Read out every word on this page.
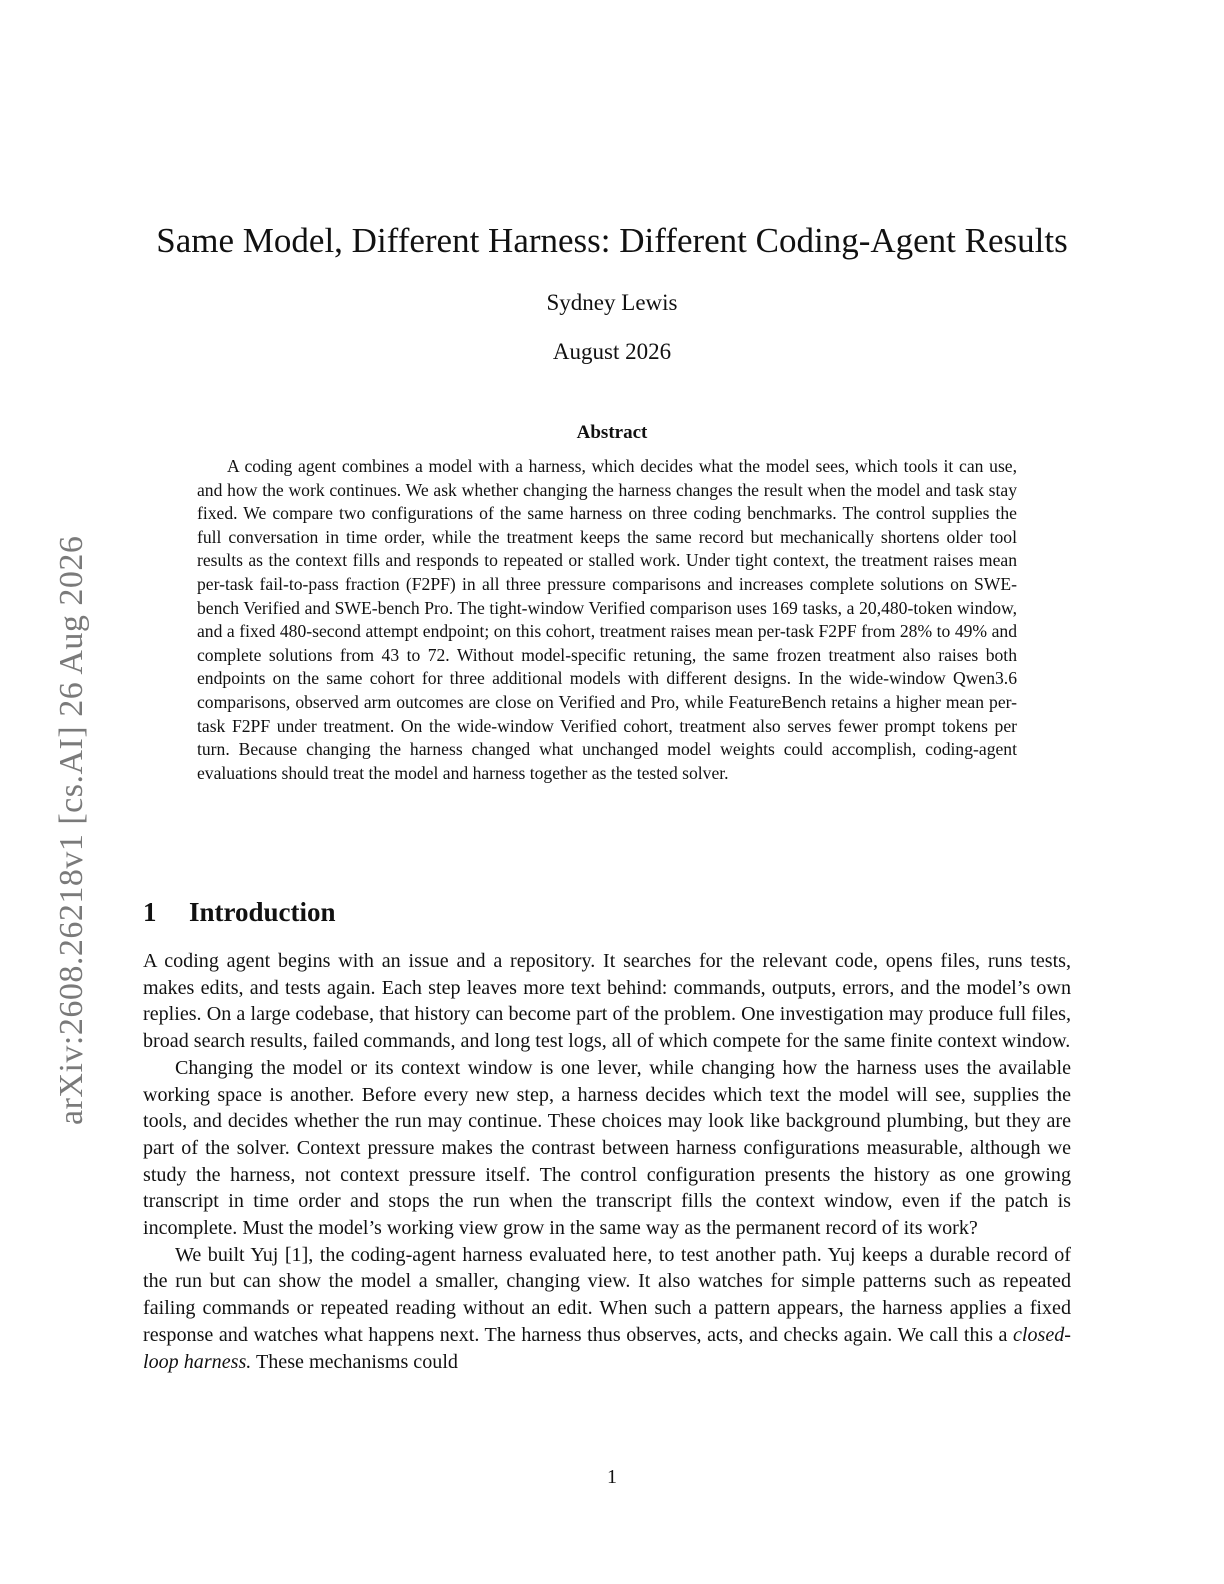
arXiv:2608.26218v1 [cs.AI] 26 Aug 2026
Same Model, Different Harness: Different Coding-Agent Results
Sydney Lewis
August 2026
Abstract

A coding agent combines a model with a harness, which decides what the model sees, which tools it can use, and how the work continues. We ask whether changing the harness changes the result when the model and task stay fixed. We compare two configurations of the same harness on three coding benchmarks. The control supplies the full conversation in time order, while the treatment keeps the same record but mechanically shortens older tool results as the context fills and responds to repeated or stalled work. Under tight context, the treatment raises mean per-task fail-to-pass fraction (F2PF) in all three pressure comparisons and increases complete solutions on SWE-bench Verified and SWE-bench Pro. The tight-window Verified comparison uses 169 tasks, a 20,480-token window, and a fixed 480-second attempt endpoint; on this cohort, treatment raises mean per-task F2PF from 28% to 49% and complete solutions from 43 to 72. Without model-specific retuning, the same frozen treatment also raises both endpoints on the same cohort for three additional models with different designs. In the wide-window Qwen3.6 comparisons, observed arm outcomes are close on Verified and Pro, while FeatureBench retains a higher mean per-task F2PF under treatment. On the wide-window Verified cohort, treatment also serves fewer prompt tokens per turn. Because changing the harness changed what unchanged model weights could accomplish, coding-agent evaluations should treat the model and harness together as the tested solver.

1 Introduction

A coding agent begins with an issue and a repository. It searches for the relevant code, opens files, runs tests, makes edits, and tests again. Each step leaves more text behind: commands, outputs, errors, and the model’s own replies. On a large codebase, that history can become part of the problem. One investigation may produce full files, broad search results, failed commands, and long test logs, all of which compete for the same finite context window.

Changing the model or its context window is one lever, while changing how the harness uses the available working space is another. Before every new step, a harness decides which text the model will see, supplies the tools, and decides whether the run may continue. These choices may look like background plumbing, but they are part of the solver. Context pressure makes the contrast between harness configurations measurable, although we study the harness, not context pressure itself. The control configuration presents the history as one growing transcript in time order and stops the run when the transcript fills the context window, even if the patch is incomplete. Must the model’s working view grow in the same way as the permanent record of its work?

We built Yuj [1], the coding-agent harness evaluated here, to test another path. Yuj keeps a durable record of the run but can show the model a smaller, changing view. It also watches for simple patterns such as repeated failing commands or repeated reading without an edit. When such a pattern appears, the harness applies a fixed response and watches what happens next. The harness thus observes, acts, and checks again. We call this a closed-loop harness. These mechanisms could

1
